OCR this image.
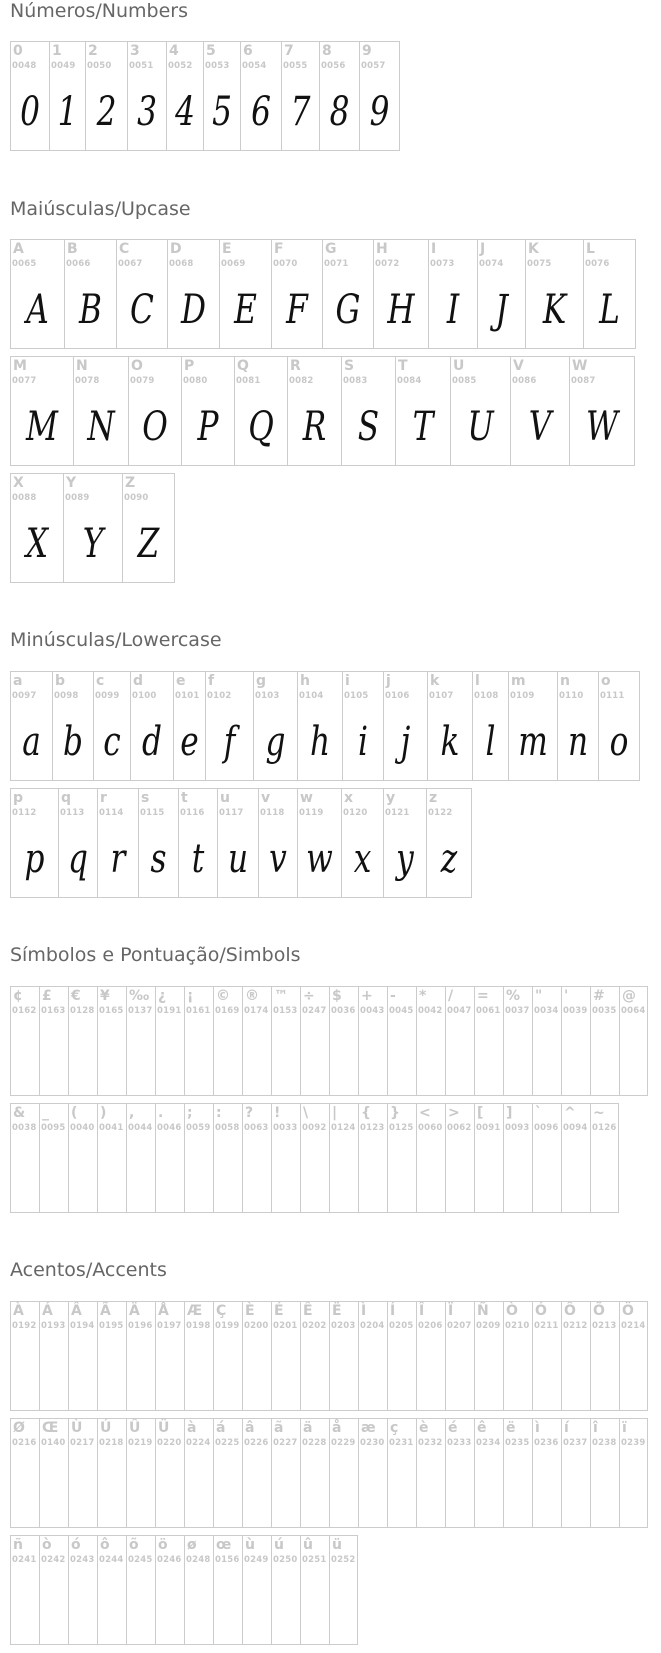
Números/Numbers
0
0048
0
1
0049
1
2
0050
2
3
0051
3
4
0052
4
5
0053
5
6
0054
6
7
0055
7
8
0056
8
9
0057
9
Maiúsculas/Upcase
A
0065
A
B
0066
B
C
0067
C
D
0068
D
E
0069
E
F
0070
F
G
0071
G
H
0072
H
I
0073
I
J
0074
J
K
0075
K
L
0076
L
M
0077
M
N
0078
N
O
0079
O
P
0080
P
Q
0081
Q
R
0082
R
S
0083
S
T
0084
T
U
0085
U
V
0086
V
W
0087
W
X
0088
X
Y
0089
Y
Z
0090
Z
Minúsculas/Lowercase
a
0097
a
b
0098
b
c
0099
c
d
0100
d
e
0101
e
f
0102
f
g
0103
g
h
0104
h
i
0105
i
j
0106
j
k
0107
k
l
0108
l
m
0109
m
n
0110
n
o
0111
o
p
0112
p
q
0113
q
r
0114
r
s
0115
s
t
0116
t
u
0117
u
v
0118
v
w
0119
w
x
0120
x
y
0121
y
z
0122
z
Símbolos e Pontuação/Simbols
¢
0162
£
0163
€
0128
¥
0165
‰
0137
¿
0191
¡
0161
©
0169
®
0174
™
0153
÷
0247
$
0036
+
0043
-
0045
*
0042
/
0047
=
0061
%
0037
"
0034
'
0039
#
0035
@
0064
&
0038
_
0095
(
0040
)
0041
,
0044
.
0046
;
0059
:
0058
?
0063
!
0033
\
0092
|
0124
{
0123
}
0125
<
0060
>
0062
[
0091
]
0093
`
0096
^
0094
~
0126
Acentos/Accents
À
0192
Á
0193
Â
0194
Ã
0195
Ä
0196
Å
0197
Æ
0198
Ç
0199
È
0200
É
0201
Ê
0202
Ë
0203
Ì
0204
Í
0205
Î
0206
Ï
0207
Ñ
0209
Ò
0210
Ó
0211
Ô
0212
Õ
0213
Ö
0214
Ø
0216
Œ
0140
Ù
0217
Ú
0218
Û
0219
Ü
0220
à
0224
á
0225
â
0226
ã
0227
ä
0228
å
0229
æ
0230
ç
0231
è
0232
é
0233
ê
0234
ë
0235
ì
0236
í
0237
î
0238
ï
0239
ñ
0241
ò
0242
ó
0243
ô
0244
õ
0245
ö
0246
ø
0248
œ
0156
ù
0249
ú
0250
û
0251
ü
0252
